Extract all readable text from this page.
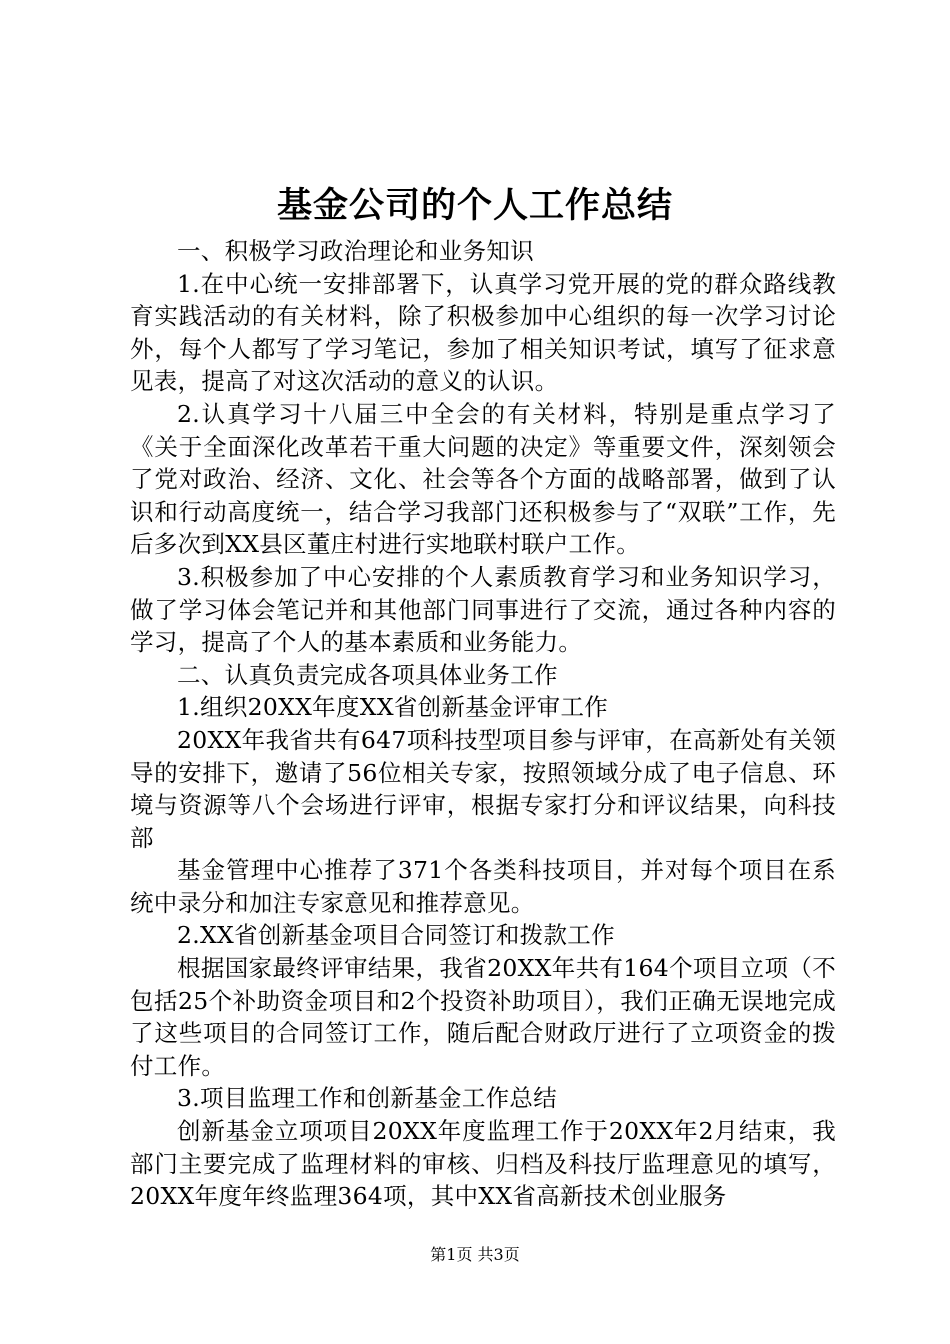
基金公司的个人工作总结

一、积极学习政治理论和业务知识

1.在中心统一安排部署下，认真学习党开展的党的群众路线教育实践活动的有关材料，除了积极参加中心组织的每一次学习讨论外，每个人都写了学习笔记，参加了相关知识考试，填写了征求意见表，提高了对这次活动的意义的认识。

2.认真学习十八届三中全会的有关材料，特别是重点学习了《关于全面深化改革若干重大问题的决定》等重要文件，深刻领会了党对政治、经济、文化、社会等各个方面的战略部署，做到了认识和行动高度统一，结合学习我部门还积极参与了“双联”工作，先后多次到XX县区董庄村进行实地联村联户工作。

3.积极参加了中心安排的个人素质教育学习和业务知识学习，做了学习体会笔记并和其他部门同事进行了交流，通过各种内容的学习，提高了个人的基本素质和业务能力。

二、认真负责完成各项具体业务工作

1.组织20XX年度XX省创新基金评审工作

20XX年我省共有647项科技型项目参与评审，在高新处有关领导的安排下，邀请了56位相关专家，按照领域分成了电子信息、环境与资源等八个会场进行评审，根据专家打分和评议结果，向科技部

基金管理中心推荐了371个各类科技项目，并对每个项目在系统中录分和加注专家意见和推荐意见。

2.XX省创新基金项目合同签订和拨款工作

根据国家最终评审结果，我省20XX年共有164个项目立项（不包括25个补助资金项目和2个投资补助项目），我们正确无误地完成了这些项目的合同签订工作，随后配合财政厅进行了立项资金的拨付工作。

3.项目监理工作和创新基金工作总结

创新基金立项项目20XX年度监理工作于20XX年2月结束，我部门主要完成了监理材料的审核、归档及科技厅监理意见的填写，20XX年度年终监理364项，其中XX省高新技术创业服务

第1页 共3页
